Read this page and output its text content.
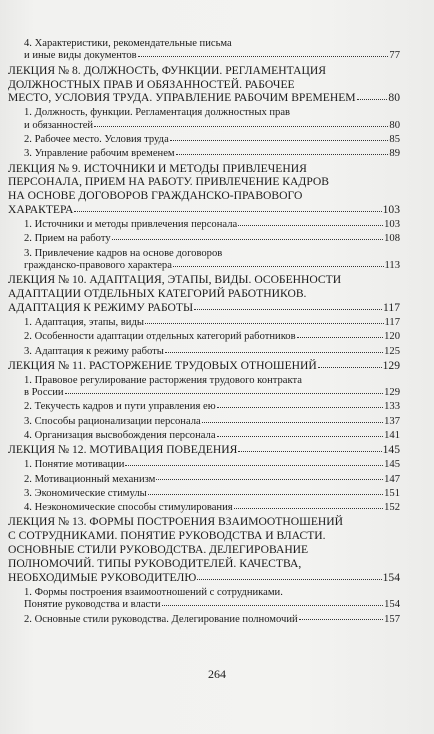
4. Характеристики, рекомендательные письма
и иные виды документов	77
ЛЕКЦИЯ № 8. ДОЛЖНОСТЬ, ФУНКЦИИ. РЕГЛАМЕНТАЦИЯ
ДОЛЖНОСТНЫХ ПРАВ И ОБЯЗАННОСТЕЙ. РАБОЧЕЕ
МЕСТО, УСЛОВИЯ ТРУДА. УПРАВЛЕНИЕ РАБОЧИМ ВРЕМЕНЕМ	80
1. Должность, функции. Регламентация должностных прав
и обязанностей	80
2. Рабочее место. Условия труда	85
3. Управление рабочим временем	89
ЛЕКЦИЯ № 9. ИСТОЧНИКИ И МЕТОДЫ ПРИВЛЕЧЕНИЯ
ПЕРСОНАЛА, ПРИЕМ НА РАБОТУ. ПРИВЛЕЧЕНИЕ КАДРОВ
НА ОСНОВЕ ДОГОВОРОВ ГРАЖДАНСКО-ПРАВОВОГО
ХАРАКТЕРА	103
1. Источники и методы привлечения персонала	103
2. Прием на работу	108
3. Привлечение кадров на основе договоров
гражданско-правового характера	113
ЛЕКЦИЯ № 10. АДАПТАЦИЯ, ЭТАПЫ, ВИДЫ. ОСОБЕННОСТИ
АДАПТАЦИИ ОТДЕЛЬНЫХ КАТЕГОРИЙ РАБОТНИКОВ.
АДАПТАЦИЯ К РЕЖИМУ РАБОТЫ	117
1. Адаптация, этапы, виды	117
2. Особенности адаптации отдельных категорий работников	120
3. Адаптация к режиму работы	125
ЛЕКЦИЯ № 11. РАСТОРЖЕНИЕ ТРУДОВЫХ ОТНОШЕНИЙ	129
1. Правовое регулирование расторжения трудового контракта
в России	129
2. Текучесть кадров и пути управления ею	133
3. Способы рационализации персонала	137
4. Организация высвобождения персонала	141
ЛЕКЦИЯ № 12. МОТИВАЦИЯ ПОВЕДЕНИЯ	145
1. Понятие мотивации	145
2. Мотивационный механизм	147
3. Экономические стимулы	151
4. Неэкономические способы стимулирования	152
ЛЕКЦИЯ № 13. ФОРМЫ ПОСТРОЕНИЯ ВЗАИМООТНОШЕНИЙ
С СОТРУДНИКАМИ. ПОНЯТИЕ РУКОВОДСТВА И ВЛАСТИ.
ОСНОВНЫЕ СТИЛИ РУКОВОДСТВА. ДЕЛЕГИРОВАНИЕ
ПОЛНОМОЧИЙ. ТИПЫ РУКОВОДИТЕЛЕЙ. КАЧЕСТВА,
НЕОБХОДИМЫЕ РУКОВОДИТЕЛЮ	154
1. Формы построения взаимоотношений с сотрудниками.
Понятие руководства и власти	154
2. Основные стили руководства. Делегирование полномочий	157
264
